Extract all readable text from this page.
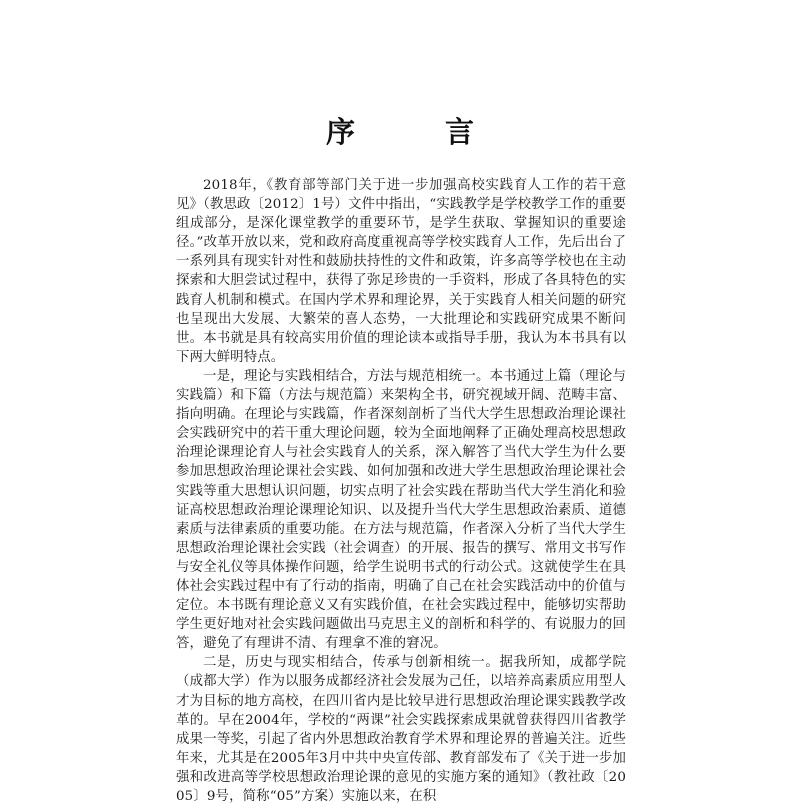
序 言

2018年，《教育部等部门关于进一步加强高校实践育人工作的若干意见》（教思政〔2012〕1号）文件中指出，“实践教学是学校教学工作的重要组成部分，是深化课堂教学的重要环节，是学生获取、掌握知识的重要途径。”改革开放以来，党和政府高度重视高等学校实践育人工作，先后出台了一系列具有现实针对性和鼓励扶持性的文件和政策，许多高等学校也在主动探索和大胆尝试过程中，获得了弥足珍贵的一手资料，形成了各具特色的实践育人机制和模式。在国内学术界和理论界，关于实践育人相关问题的研究也呈现出大发展、大繁荣的喜人态势，一大批理论和实践研究成果不断问世。本书就是具有较高实用价值的理论读本或指导手册，我认为本书具有以下两大鲜明特点。

一是，理论与实践相结合，方法与规范相统一。本书通过上篇（理论与实践篇）和下篇（方法与规范篇）来架构全书，研究视域开阔、范畴丰富、指向明确。在理论与实践篇，作者深刻剖析了当代大学生思想政治理论课社会实践研究中的若干重大理论问题，较为全面地阐释了正确处理高校思想政治理论课理论育人与社会实践育人的关系，深入解答了当代大学生为什么要参加思想政治理论课社会实践、如何加强和改进大学生思想政治理论课社会实践等重大思想认识问题，切实点明了社会实践在帮助当代大学生消化和验证高校思想政治理论课理论知识、以及提升当代大学生思想政治素质、道德素质与法律素质的重要功能。在方法与规范篇，作者深入分析了当代大学生思想政治理论课社会实践（社会调查）的开展、报告的撰写、常用文书写作与安全礼仪等具体操作问题，给学生说明书式的行动公式。这就使学生在具体社会实践过程中有了行动的指南，明确了自己在社会实践活动中的价值与定位。本书既有理论意义又有实践价值，在社会实践过程中，能够切实帮助学生更好地对社会实践问题做出马克思主义的剖析和科学的、有说服力的回答，避免了有理讲不清、有理拿不准的窘况。

二是，历史与现实相结合，传承与创新相统一。据我所知，成都学院（成都大学）作为以服务成都经济社会发展为己任，以培养高素质应用型人才为目标的地方高校，在四川省内是比较早进行思想政治理论课实践教学改革的。早在2004年，学校的“两课”社会实践探索成果就曾获得四川省教学成果一等奖，引起了省内外思想政治教育学术界和理论界的普遍关注。近些年来，尤其是在2005年3月中共中央宣传部、教育部发布了《关于进一步加强和改进高等学校思想政治理论课的意见的实施方案的通知》（教社政〔2005〕9号，简称“05”方案）实施以来，在积
